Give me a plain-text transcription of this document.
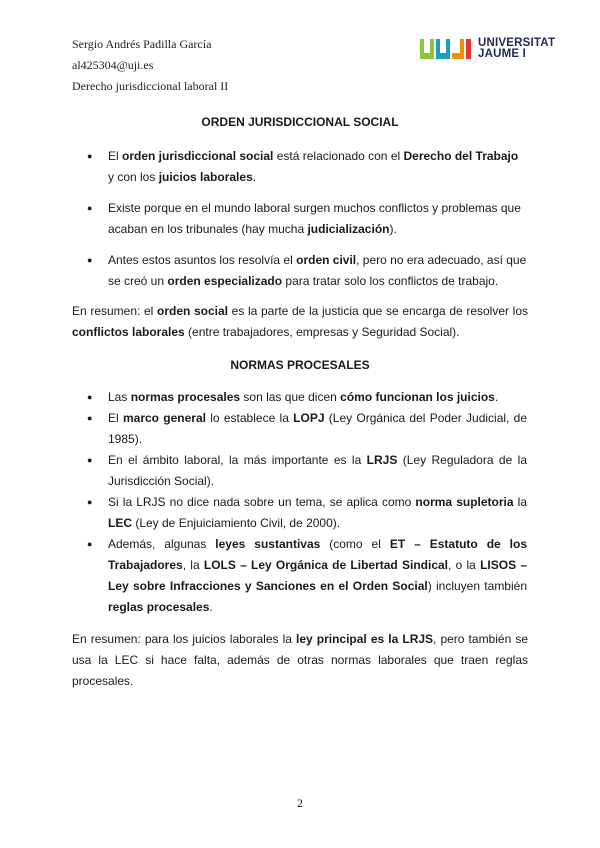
Sergio Andrés Padilla García
al425304@uji.es
Derecho jurisdiccional laboral II
UNIVERSITAT
JAUME I
ORDEN JURISDICCIONAL SOCIAL
● El orden jurisdiccional social está relacionado con el Derecho del Trabajo y con los juicios laborales.
● Existe porque en el mundo laboral surgen muchos conflictos y problemas que acaban en los tribunales (hay mucha judicialización).
● Antes estos asuntos los resolvía el orden civil, pero no era adecuado, así que se creó un orden especializado para tratar solo los conflictos de trabajo.

En resumen: el orden social es la parte de la justicia que se encarga de resolver los conflictos laborales (entre trabajadores, empresas y Seguridad Social).

NORMAS PROCESALES
● Las normas procesales son las que dicen cómo funcionan los juicios.
● El marco general lo establece la LOPJ (Ley Orgánica del Poder Judicial, de 1985).
● En el ámbito laboral, la más importante es la LRJS (Ley Reguladora de la Jurisdicción Social).
● Si la LRJS no dice nada sobre un tema, se aplica como norma supletoria la LEC (Ley de Enjuiciamiento Civil, de 2000).
● Además, algunas leyes sustantivas (como el ET – Estatuto de los Trabajadores, la LOLS – Ley Orgánica de Libertad Sindical, o la LISOS – Ley sobre Infracciones y Sanciones en el Orden Social) incluyen también reglas procesales.

En resumen: para los juicios laborales la ley principal es la LRJS, pero también se usa la LEC si hace falta, además de otras normas laborales que traen reglas procesales.

2
